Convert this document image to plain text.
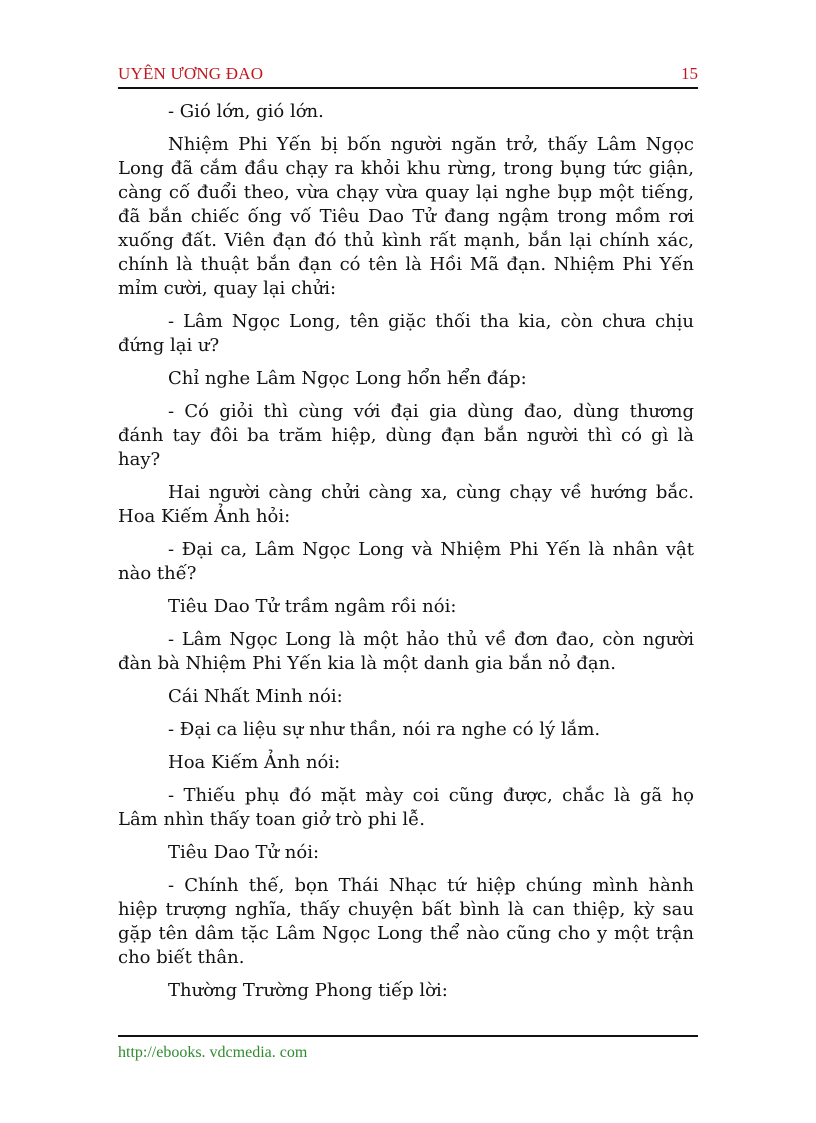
UYÊN ƯƠNG ĐAO	15

- Gió lớn, gió lớn.

Nhiệm Phi Yến bị bốn người ngăn trở, thấy Lâm Ngọc Long đã cắm đầu chạy ra khỏi khu rừng, trong bụng tức giận, càng cố đuổi theo, vừa chạy vừa quay lại nghe bụp một tiếng, đã bắn chiếc ống vố Tiêu Dao Tử đang ngậm trong mồm rơi xuống đất. Viên đạn đó thủ kình rất mạnh, bắn lại chính xác, chính là thuật bắn đạn có tên là Hồi Mã đạn. Nhiệm Phi Yến mỉm cười, quay lại chửi:

- Lâm Ngọc Long, tên giặc thối tha kia, còn chưa chịu đứng lại ư?

Chỉ nghe Lâm Ngọc Long hổn hển đáp:

- Có giỏi thì cùng với đại gia dùng đao, dùng thương đánh tay đôi ba trăm hiệp, dùng đạn bắn người thì có gì là hay?

Hai người càng chửi càng xa, cùng chạy về hướng bắc. Hoa Kiếm Ảnh hỏi:

- Đại ca, Lâm Ngọc Long và Nhiệm Phi Yến là nhân vật nào thế?

Tiêu Dao Tử trầm ngâm rồi nói:

- Lâm Ngọc Long là một hảo thủ về đơn đao, còn người đàn bà Nhiệm Phi Yến kia là một danh gia bắn nỏ đạn.

Cái Nhất Minh nói:

- Đại ca liệu sự như thần, nói ra nghe có lý lắm.

Hoa Kiếm Ảnh nói:

- Thiếu phụ đó mặt mày coi cũng được, chắc là gã họ Lâm nhìn thấy toan giở trò phi lễ.

Tiêu Dao Tử nói:

- Chính thế, bọn Thái Nhạc tứ hiệp chúng mình hành hiệp trượng nghĩa, thấy chuyện bất bình là can thiệp, kỳ sau gặp tên dâm tặc Lâm Ngọc Long thể nào cũng cho y một trận cho biết thân.

Thường Trường Phong tiếp lời:

http://ebooks. vdcmedia. com
